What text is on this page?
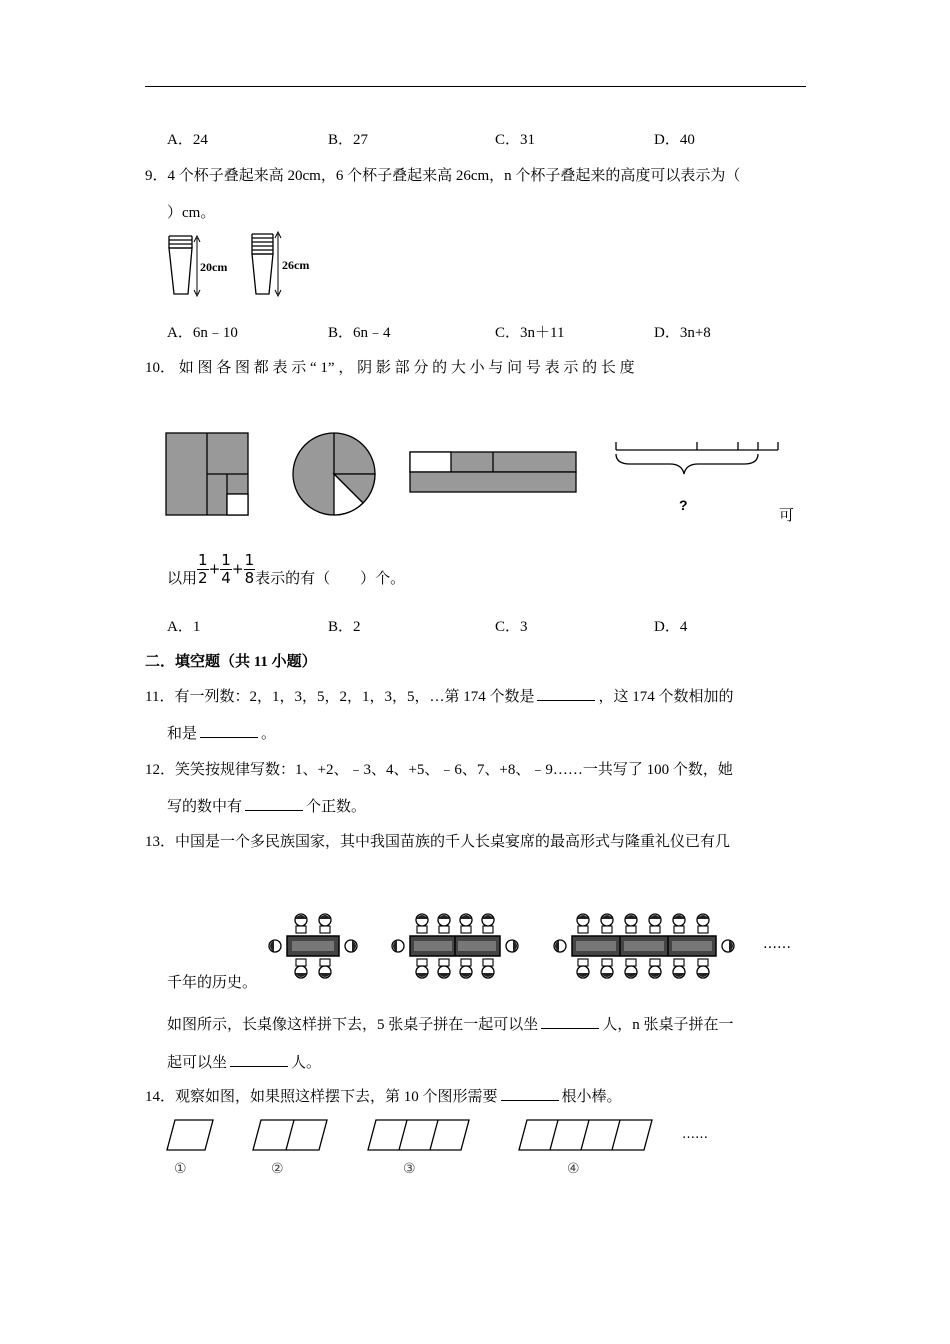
A．24	B．27	C．31	D．40
9．4 个杯子叠起来高 20cm，6 个杯子叠起来高 26cm，n 个杯子叠起来的高度可以表示为（
）cm。
20cm	26cm
A．6n﹣10	B．6n﹣4	C．3n＋11	D．3n+8
10． 如 图 各 图 都 表 示 “ 1” ， 阴 影 部 分 的 大 小 与 问 号 表 示 的 长 度
?
可
以用 $\frac{1}{2} + \frac{1}{4} + \frac{1}{8}$ 表示的有（　　）个。
A．1	B．2	C．3	D．4
二．填空题（共 11 小题）
11．有一列数：2，1，3，5，2，1，3，5，…第 174 个数是	，这 174 个数相加的
和是	。
12．笑笑按规律写数：1、+2、﹣3、4、+5、﹣6、7、+8、﹣9……一共写了 100 个数，她
写的数中有	个正数。
13．中国是一个多民族国家，其中我国苗族的千人长桌宴席的最高形式与隆重礼仪已有几
……
千年的历史。
如图所示，长桌像这样拼下去，5 张桌子拼在一起可以坐	人，n 张桌子拼在一
起可以坐	人。
14．观察如图，如果照这样摆下去，第 10 个图形需要	根小棒。
①	②	③	④
……
